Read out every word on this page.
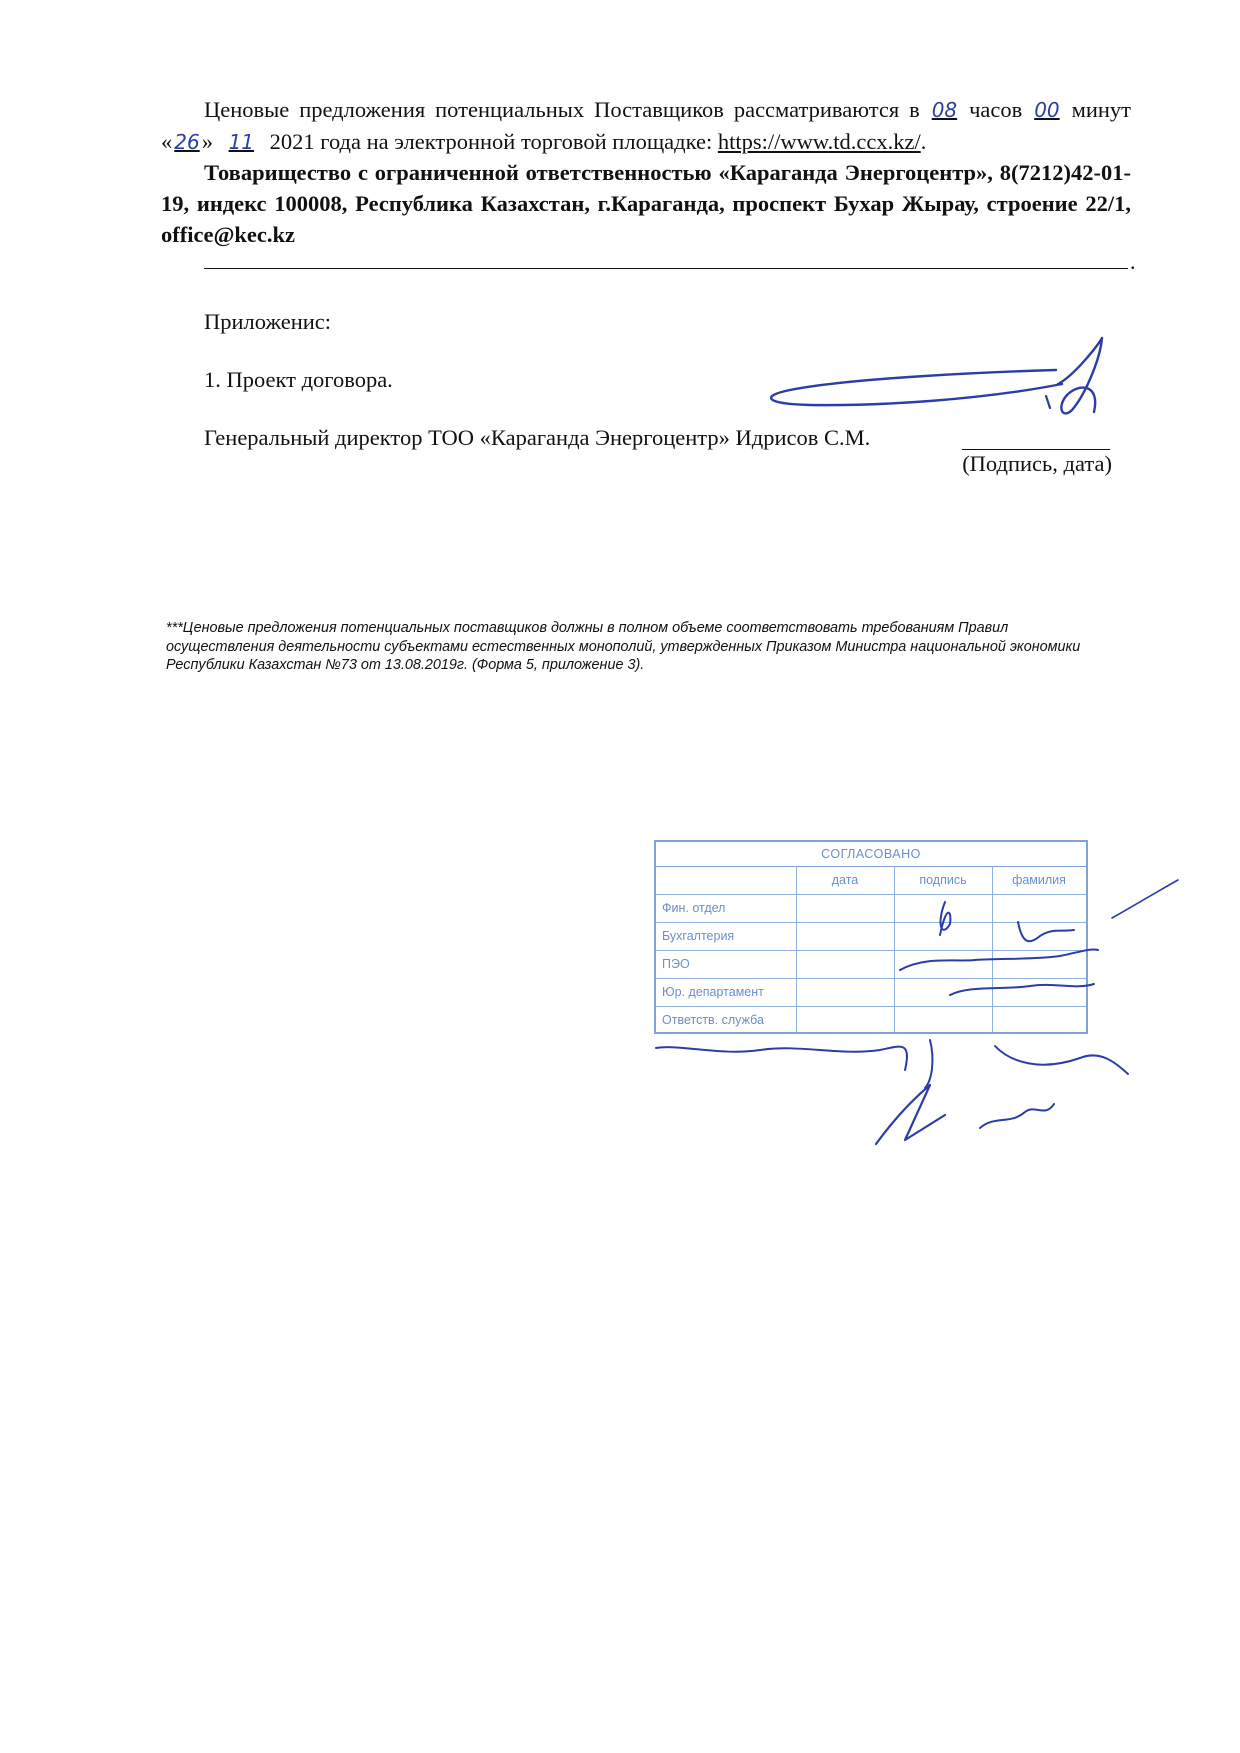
Ценовые предложения потенциальных Поставщиков рассматриваются в 08 часов 00 минут « 26» 11 2021 года на электронной торговой площадке: https://www.td.ccx.kz/.
Товарищество с ограниченной ответственностью «Караганда Энергоцентр», 8(7212)42-01-19, индекс 100008, Республика Казахстан, г.Караганда, проспект Бухар Жырау, строение 22/1, office@kec.kz
.
Приложенис:
1. Проект договора.
Генеральный директор ТОО «Караганда Энергоцентр» Идрисов С.М.
(Подпись, дата)
***Ценовые предложения потенциальных поставщиков должны в полном объеме соответствовать требованиям Правил осуществления деятельности субъектами естественных монополий, утвержденных Приказом Министра национальной экономики Республики Казахстан №73 от 13.08.2019г. (Форма 5, приложение 3).
СОГЛАСОВАНО
дата	подпись	фамилия
Фин. отдел
Бухгалтерия
ПЭО
Юр. департамент
Ответств. служба
